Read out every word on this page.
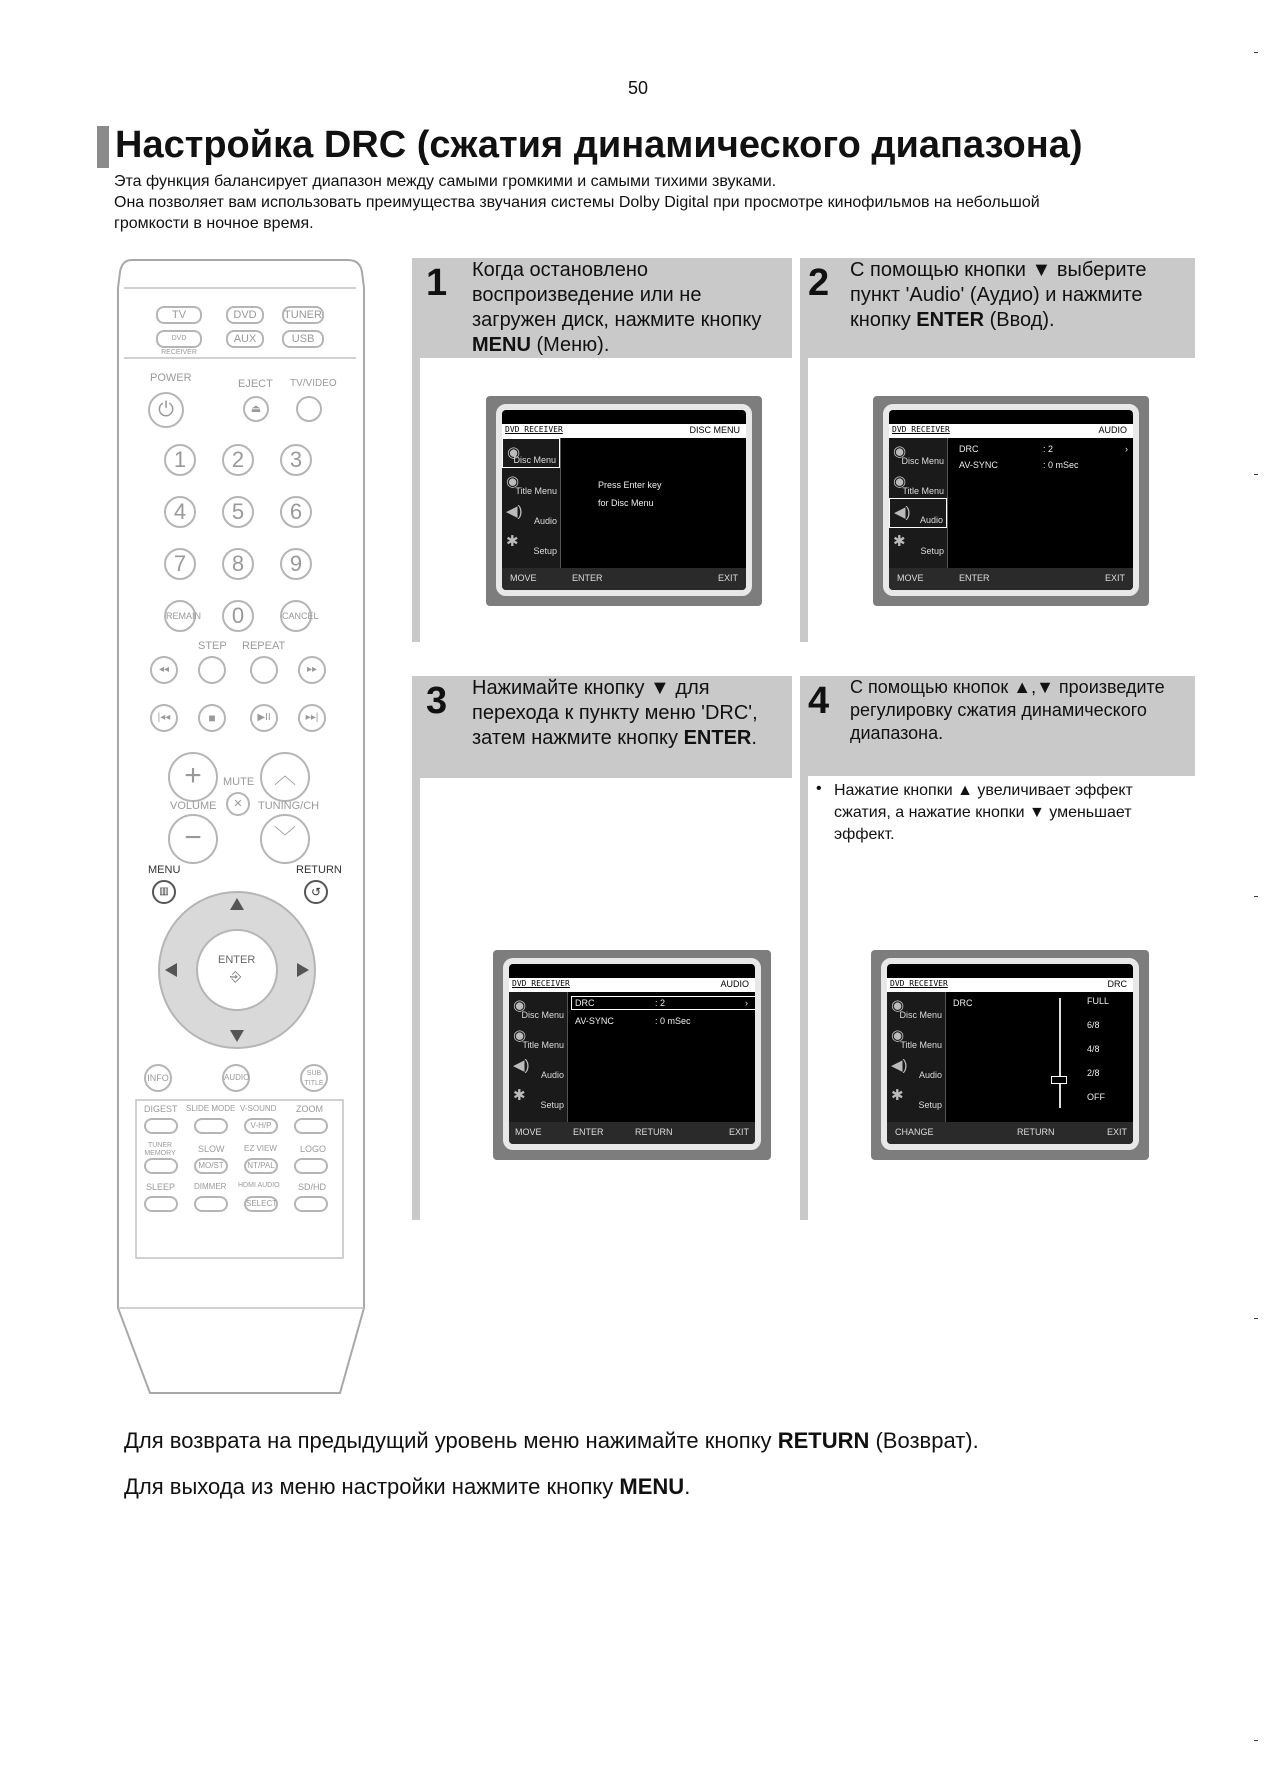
50
Настройка DRC (сжатия динамического диапазона)
Эта функция балансирует диапазон между самыми громкими и самыми тихими звуками.
Она позволяет вам использовать преимущества звучания системы Dolby Digital при просмотре кинофильмов на небольшой
громкости в ночное время.
TV	DVD	TUNER
DVD RECEIVER
AUX	USB
POWER	EJECT TV/VIDEO
⏻	⏏
1	2	3
4	5	6
7	8	9
REMAIN	0	CANCEL
STEP REPEAT
◂◂	▸▸
|◂◂	■	▶II	▸▸|
+
−
︿
﹀
MUTE
✕
VOLUME	TUNING/CH
MENU	RETURN
▥	↺
ENTER
⎆
INFO	AUDIO	SUB TITLE
DIGEST SLIDE MODE V-SOUND ZOOM
V-H/P
TUNER MEMORY	SLOW EZ VIEW	LOGO
MO/ST	NT/PAL
SLEEP DIMMER HDMI AUDIO SD/HD
SELECT
1 Когда остановлено воспроизведение или не загружен диск, нажмите кнопку MENU (Меню).
DVD RECEIVER	DISC MENU
◉
Disc Menu
◉
Title Menu
◀)
Audio
✱
Setup
Press Enter key
for Disc Menu
MOVE	ENTER	EXIT
2 С помощью кнопки ▼ выберите пункт 'Audio' (Аудио) и нажмите кнопку ENTER (Ввод).
DVD RECEIVER	AUDIO
◉
Disc Menu
◉
Title Menu
◀) Audio
✱
Setup
DRC	: 2	›
AV-SYNC	: 0 mSec
MOVE	ENTER	EXIT
3 Нажимайте кнопку ▼ для перехода к пункту меню 'DRC', затем нажмите кнопку ENTER.
DVD RECEIVER	AUDIO
◉
Disc Menu
◉
Title Menu
◀)
Audio
✱
Setup
DRC	: 2	›
AV-SYNC	: 0 mSec
MOVE	ENTER	RETURN	EXIT
4 С помощью кнопок ▲,▼ произведите регулировку сжатия динамического диапазона.
• Нажатие кнопки ▲ увеличивает эффект сжатия, а нажатие кнопки ▼ уменьшает эффект.
DVD RECEIVER	DRC
◉
Disc Menu
◉
Title Menu
◀)
Audio
✱
Setup
DRC	FULL
6/8
4/8
2/8
OFF
CHANGE	RETURN	EXIT
Для возврата на предыдущий уровень меню нажимайте кнопку RETURN (Возврат).
Для выхода из меню настройки нажмите кнопку MENU.
